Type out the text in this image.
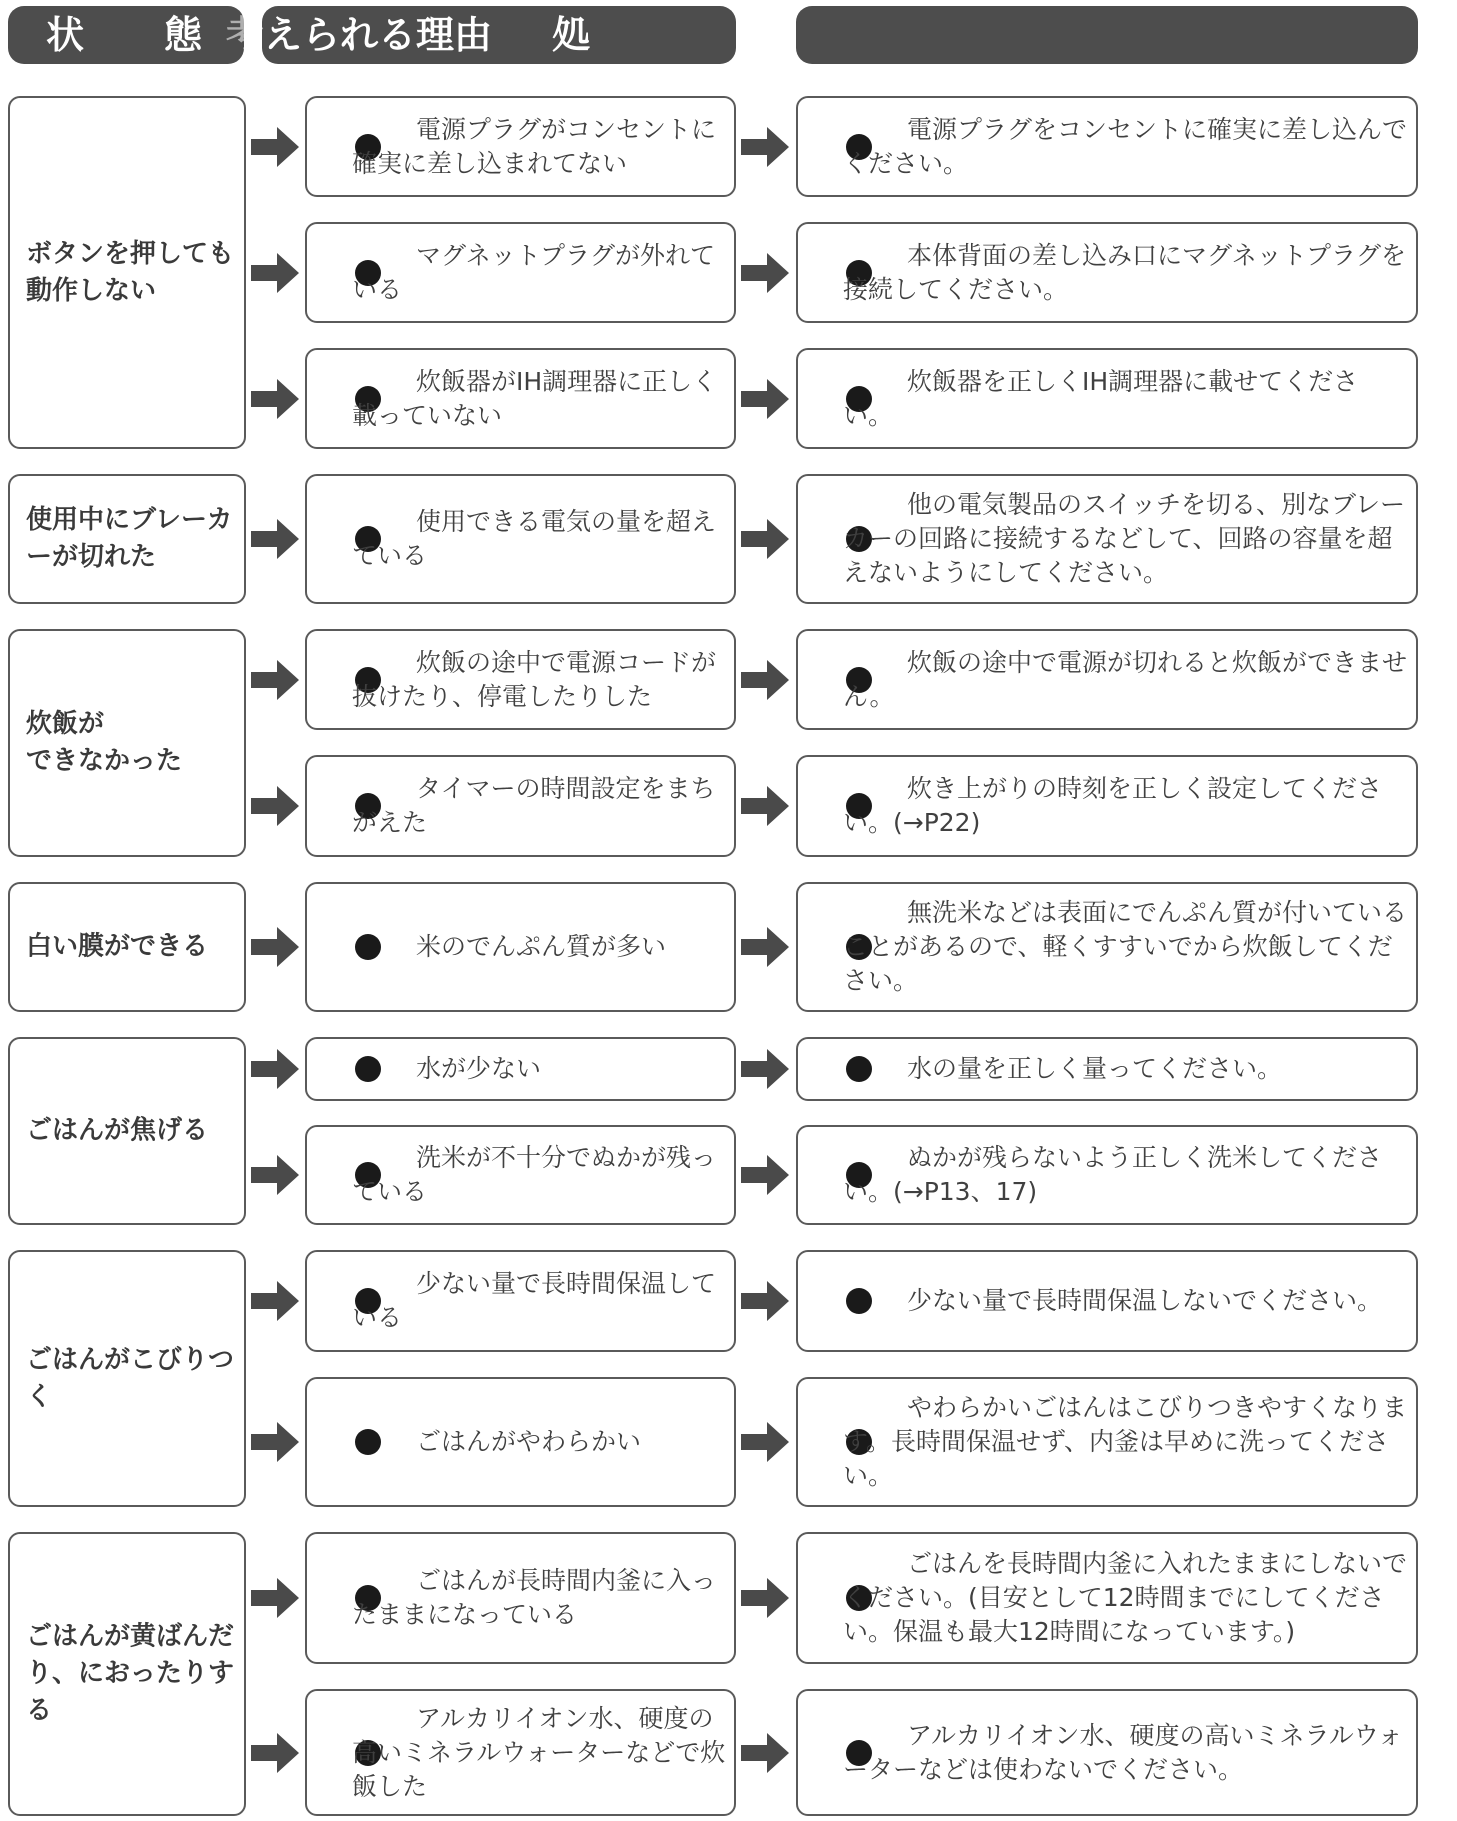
状 態 考 えられる理由 処
ボタンを押しても動作しない
使用中にブレーカーが切れた
炊飯が
できなかった
白い膜ができる
ごはんが焦げる
ごはんがこびりつく
ごはんが黄ばんだり、におったりする
電源プラグがコンセントに確実に差し込まれてない
電源プラグをコンセントに確実に差し込んでください。
マグネットプラグが外れている
本体背面の差し込み口にマグネットプラグを接続してください。
炊飯器がIH調理器に正しく載っていない
炊飯器を正しくIH調理器に載せてください。
使用できる電気の量を超えている
他の電気製品のスイッチを切る、別なブレーカーの回路に接続するなどして、回路の容量を超えないようにしてください。
炊飯の途中で電源コードが抜けたり、停電したりした
炊飯の途中で電源が切れると炊飯ができません。
タイマーの時間設定をまちがえた
炊き上がりの時刻を正しく設定してください。(→P22)
米のでんぷん質が多い
無洗米などは表面にでんぷん質が付いていることがあるので、軽くすすいでから炊飯してください。
水が少ない	水の量を正しく量ってください。
洗米が不十分でぬかが残っている
ぬかが残らないよう正しく洗米してください。(→P13、17)
少ない量で長時間保温している
少ない量で長時間保温しないでください。
ごはんがやわらかい
やわらかいごはんはこびりつきやすくなります。長時間保温せず、内釜は早めに洗ってください。
ごはんが長時間内釜に入ったままになっている
ごはんを長時間内釜に入れたままにしないでください。(目安として12時間までにしてください。保温も最大12時間になっています。)
アルカリイオン水、硬度の高いミネラルウォーターなどで炊飯した
アルカリイオン水、硬度の高いミネラルウォーターなどは使わないでください。
